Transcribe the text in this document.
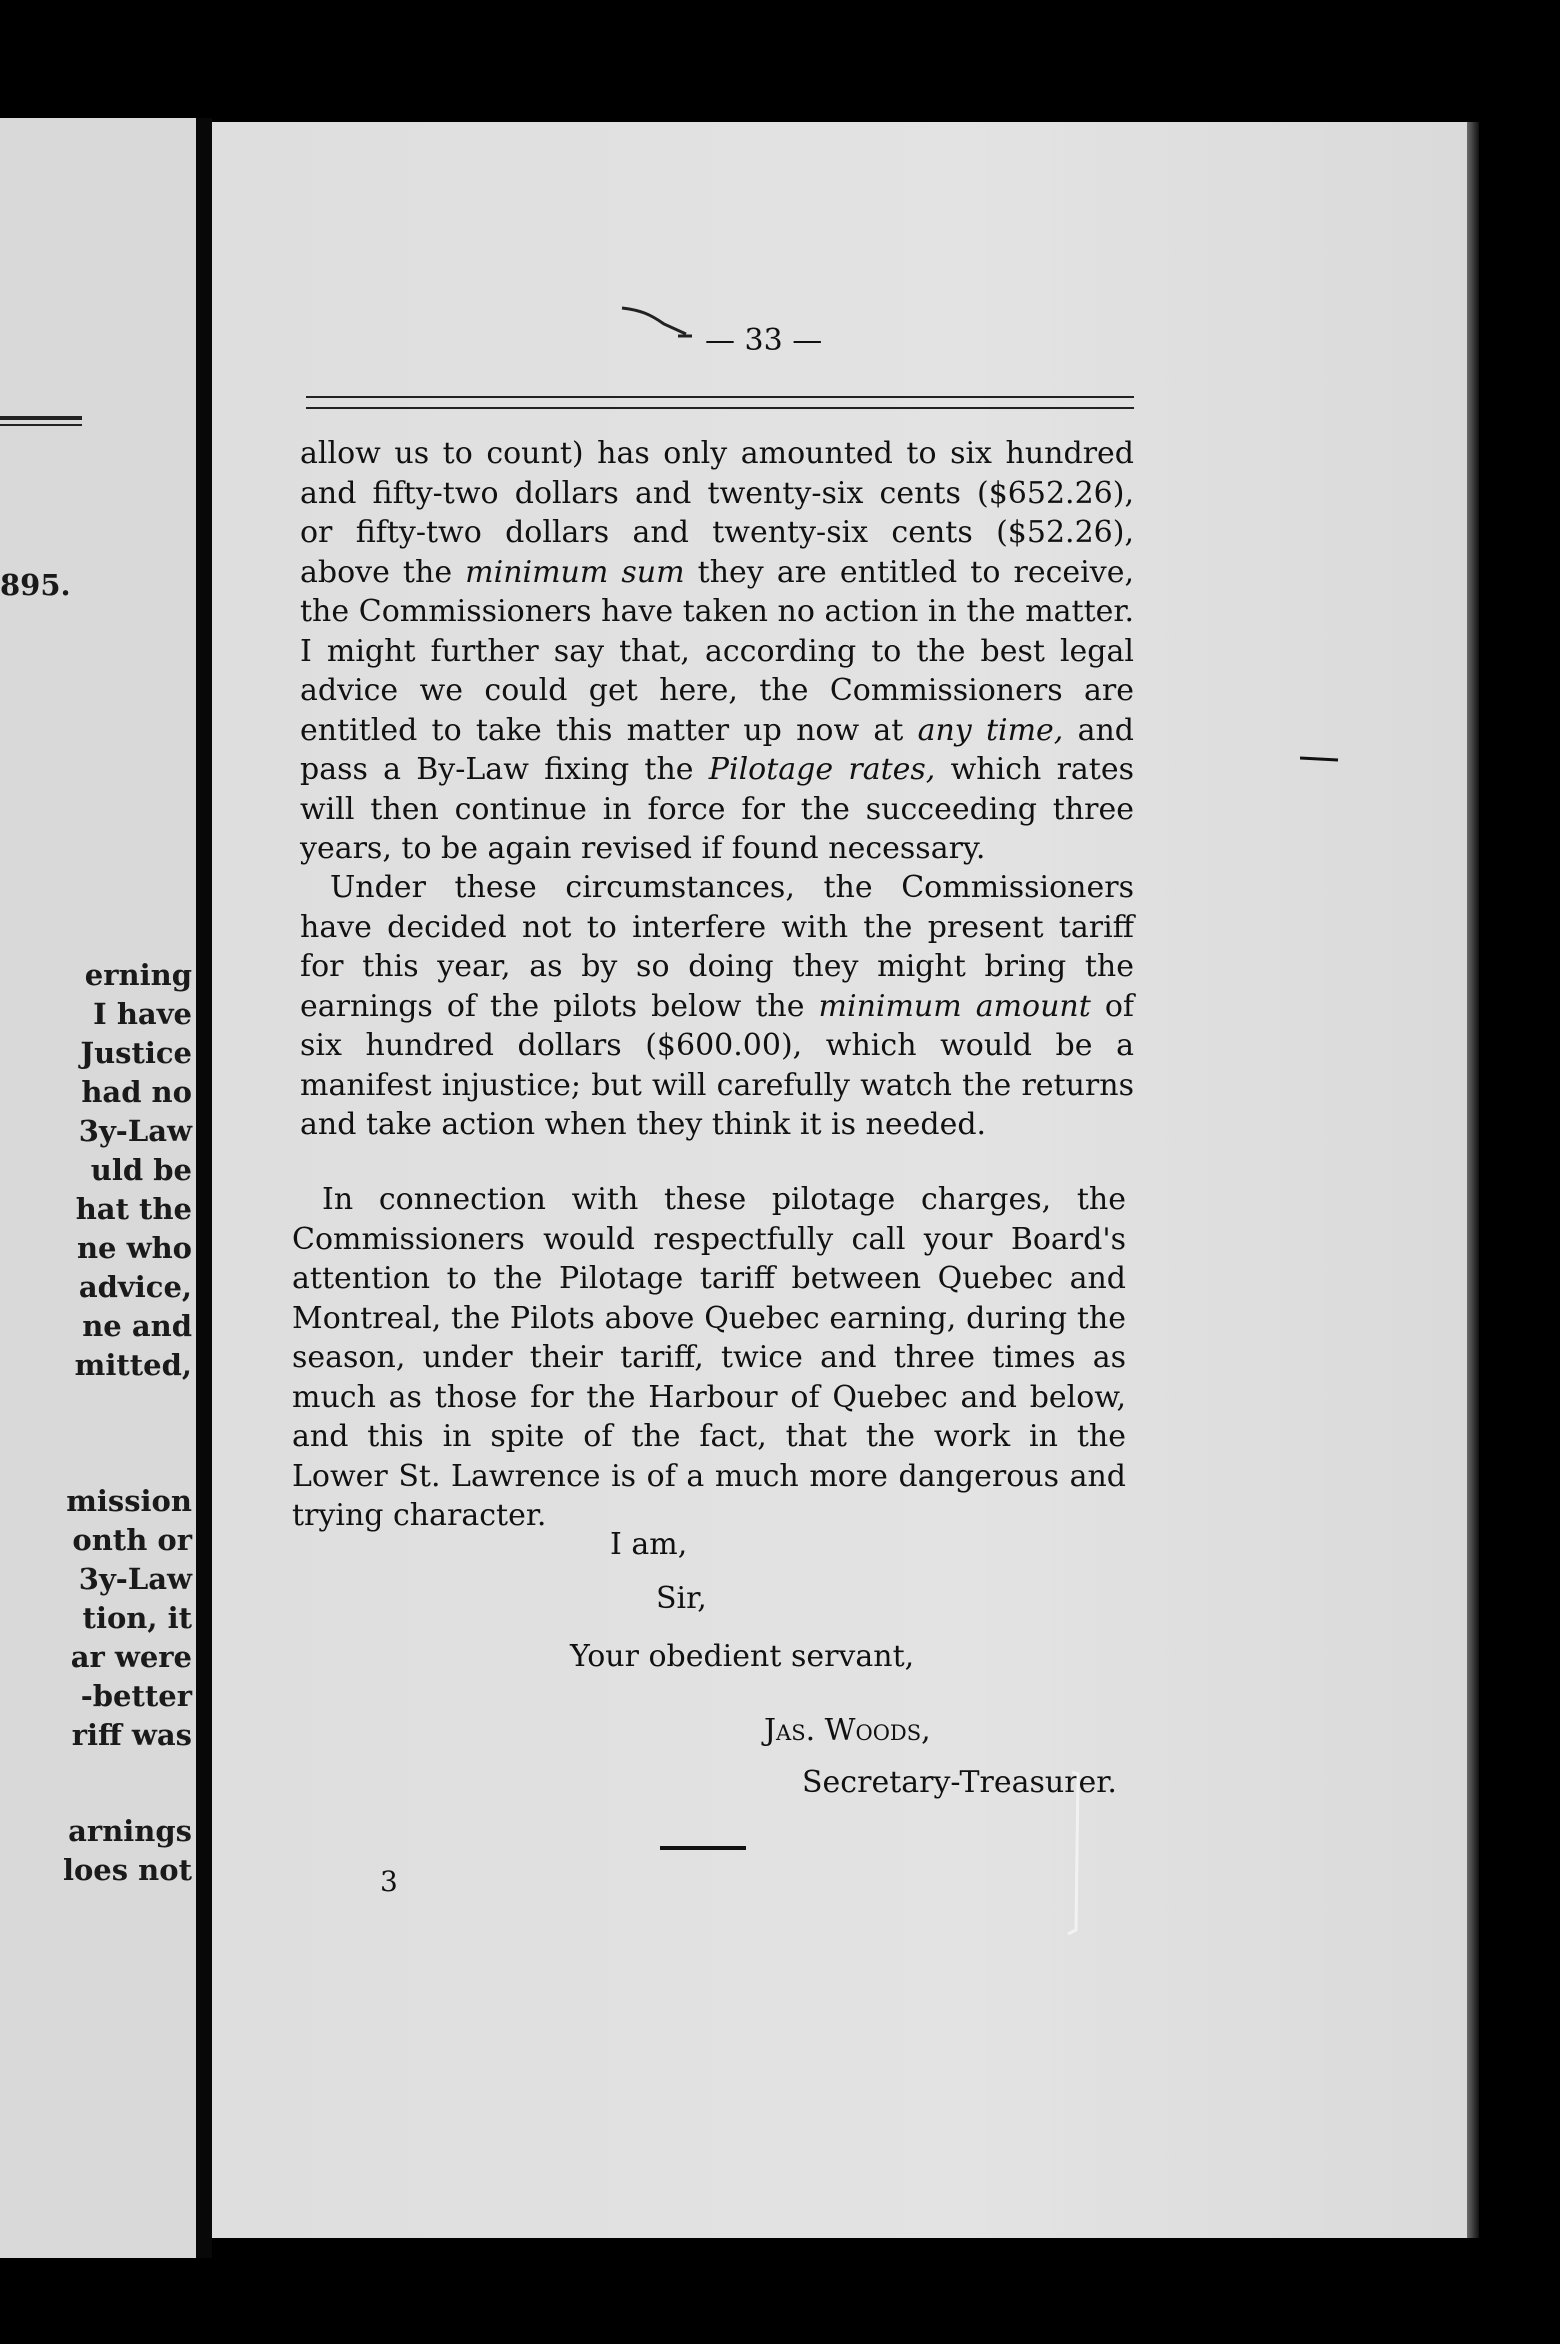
895.

erning

I have

Justice

had no

3y-Law

uld be

hat the

ne who

advice,

ne and

mitted,

mission

onth or

3y-Law

tion, it

ar were

-better

riff was

arnings

loes not

— 33 —

allow us to count) has only amounted to six hundred and fifty-two dollars and twenty-six cents ($652.26), or fifty-two dollars and twenty-six cents ($52.26), above the minimum sum they are entitled to receive, the Commissioners have taken no action in the matter. I might further say that, according to the best legal advice we could get here, the Commissioners are entitled to take this matter up now at any time, and pass a By-Law fixing the Pilotage rates, which rates will then continue in force for the succeeding three years, to be again revised if found necessary.

Under these circumstances, the Commissioners have decided not to interfere with the present tariff for this year, as by so doing they might bring the earnings of the pilots below the minimum amount of six hundred dollars ($600.00), which would be a manifest injustice; but will carefully watch the returns and take action when they think it is needed.

In connection with these pilotage charges, the Commissioners would respectfully call your Board's attention to the Pilotage tariff between Quebec and Montreal, the Pilots above Quebec earning, during the season, under their tariff, twice and three times as much as those for the Harbour of Quebec and below, and this in spite of the fact, that the work in the Lower St. Lawrence is of a much more dangerous and trying character.

I am,

Sir,

Your obedient servant,

Jas. Woods,

Secretary-Treasurer.

3
